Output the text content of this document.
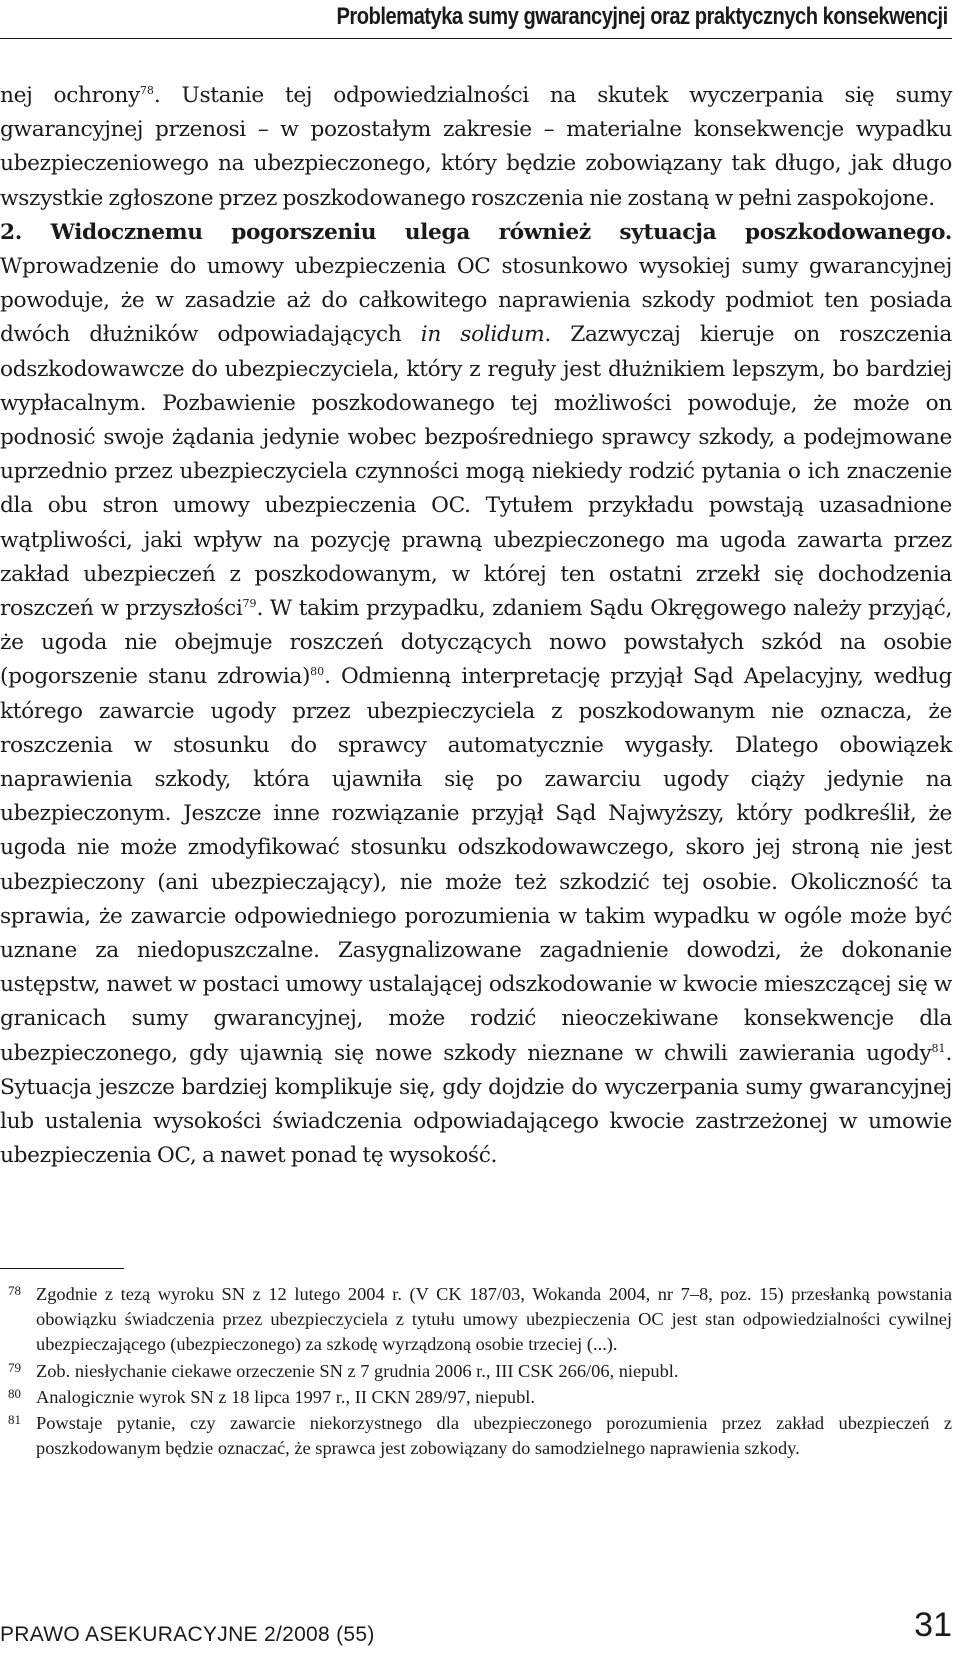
Problematyka sumy gwarancyjnej oraz praktycznych konsekwencji

nej ochrony$^{78}$. Ustanie tej odpowiedzialności na skutek wyczerpania się sumy gwarancyjnej przenosi – w pozostałym zakresie – materialne konsekwencje wypadku ubezpieczeniowego na ubezpieczonego, który będzie zobowiązany tak długo, jak długo wszystkie zgłoszone przez poszkodowanego roszczenia nie zostaną w pełni zaspokojone.

2. Widocznemu pogorszeniu ulega również sytuacja poszkodowanego. Wprowadzenie do umowy ubezpieczenia OC stosunkowo wysokiej sumy gwarancyjnej powoduje, że w zasadzie aż do całkowitego naprawienia szkody podmiot ten posiada dwóch dłużników odpowiadających in solidum. Zazwyczaj kieruje on roszczenia odszkodowawcze do ubezpieczyciela, który z reguły jest dłużnikiem lepszym, bo bardziej wypłacalnym. Pozbawienie poszkodowanego tej możliwości powoduje, że może on podnosić swoje żądania jedynie wobec bezpośredniego sprawcy szkody, a podejmowane uprzednio przez ubezpieczyciela czynności mogą niekiedy rodzić pytania o ich znaczenie dla obu stron umowy ubezpieczenia OC. Tytułem przykładu powstają uzasadnione wątpliwości, jaki wpływ na pozycję prawną ubezpieczonego ma ugoda zawarta przez zakład ubezpieczeń z poszkodowanym, w której ten ostatni zrzekł się dochodzenia roszczeń w przyszłości$^{79}$. W takim przypadku, zdaniem Sądu Okręgowego należy przyjąć, że ugoda nie obejmuje roszczeń dotyczących nowo powstałych szkód na osobie (pogorszenie stanu zdrowia)$^{80}$. Odmienną interpretację przyjął Sąd Apelacyjny, według którego zawarcie ugody przez ubezpieczyciela z poszkodowanym nie oznacza, że roszczenia w stosunku do sprawcy automatycznie wygasły. Dlatego obowiązek naprawienia szkody, która ujawniła się po zawarciu ugody ciąży jedynie na ubezpieczonym. Jeszcze inne rozwiązanie przyjął Sąd Najwyższy, który podkreślił, że ugoda nie może zmodyfikować stosunku odszkodowawczego, skoro jej stroną nie jest ubezpieczony (ani ubezpieczający), nie może też szkodzić tej osobie. Okoliczność ta sprawia, że zawarcie odpowiedniego porozumienia w takim wypadku w ogóle może być uznane za niedopuszczalne. Zasygnalizowane zagadnienie dowodzi, że dokonanie ustępstw, nawet w postaci umowy ustalającej odszkodowanie w kwocie mieszczącej się w granicach sumy gwarancyjnej, może rodzić nieoczekiwane konsekwencje dla ubezpieczonego, gdy ujawnią się nowe szkody nieznane w chwili zawierania ugody$^{81}$. Sytuacja jeszcze bardziej komplikuje się, gdy dojdzie do wyczerpania sumy gwarancyjnej lub ustalenia wysokości świadczenia odpowiadającego kwocie zastrzeżonej w umowie ubezpieczenia OC, a nawet ponad tę wysokość.

78 Zgodnie z tezą wyroku SN z 12 lutego 2004 r. (V CK 187/03, Wokanda 2004, nr 7–8, poz. 15) przesłanką powstania obowiązku świadczenia przez ubezpieczyciela z tytułu umowy ubezpieczenia OC jest stan odpowiedzialności cywilnej ubezpieczającego (ubezpieczonego) za szkodę wyrządzoną osobie trzeciej (...).
79 Zob. niesłychanie ciekawe orzeczenie SN z 7 grudnia 2006 r., III CSK 266/06, niepubl.
80 Analogicznie wyrok SN z 18 lipca 1997 r., II CKN 289/97, niepubl.
81 Powstaje pytanie, czy zawarcie niekorzystnego dla ubezpieczonego porozumienia przez zakład ubezpieczeń z poszkodowanym będzie oznaczać, że sprawca jest zobowiązany do samodzielnego naprawienia szkody.
PRAWO ASEKURACYJNE 2/2008 (55)	31
